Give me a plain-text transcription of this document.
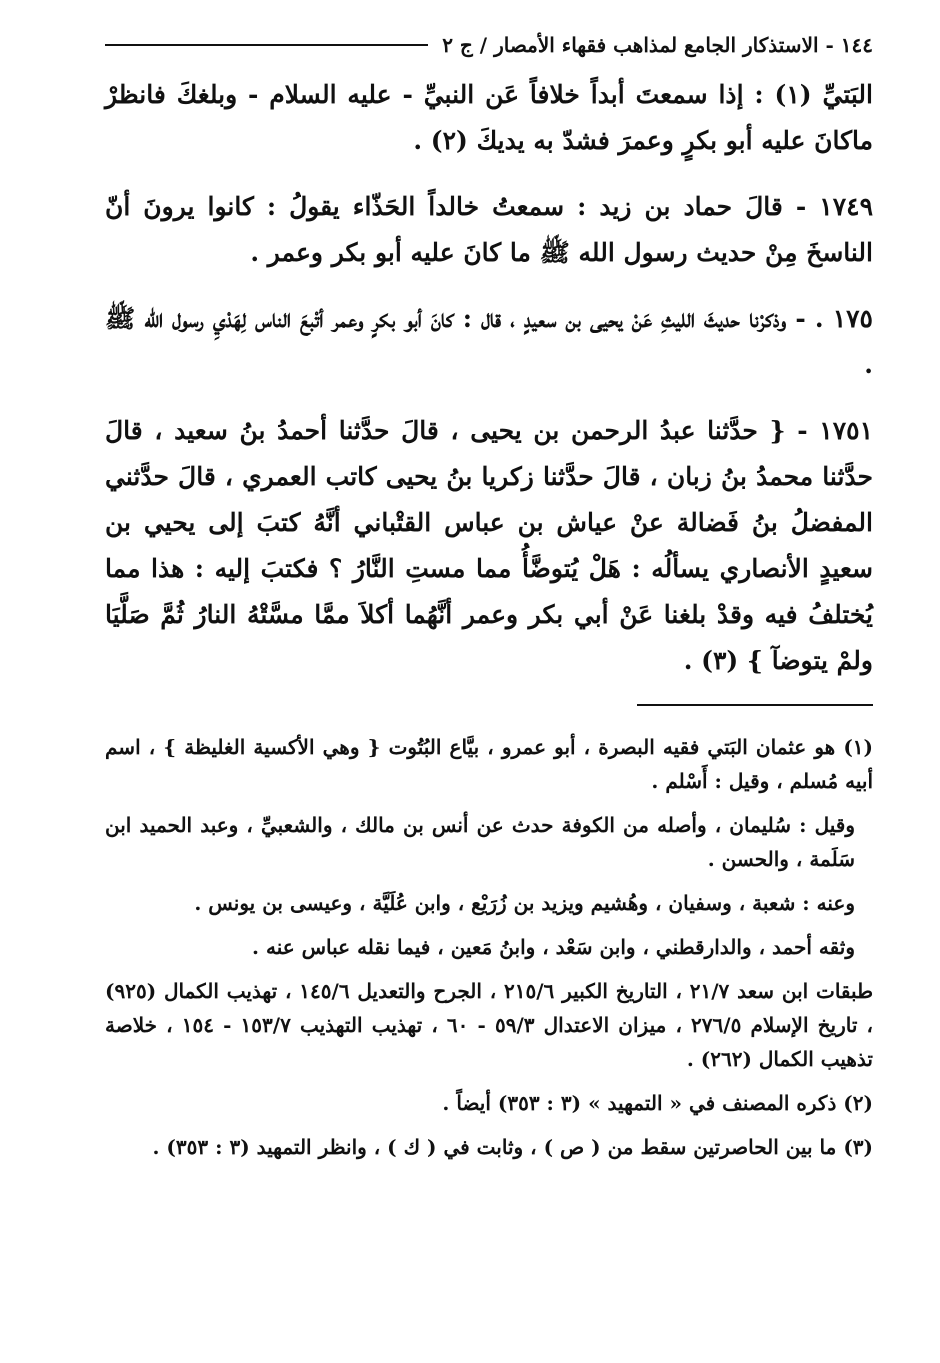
١٤٤ - الاستذكار الجامع لمذاهب فقهاء الأمصار / ج ٢

البَتيِّ (١) : إذا سمعتَ أبداً خلافاً عَن النبيِّ - عليه السلام - وبلغكَ فانظرْ ماكانَ عليه أبو بكرٍ وعمرَ فشدّ به يديكَ (٢) .

١٧٤٩ - قالَ حماد بن زيد : سمعتُ خالداً الحَذّاء يقولُ : كانوا يرونَ أنّ الناسخَ مِنْ حديث رسول الله ﷺ ما كانَ عليه أبو بكر وعمر .

١٧٥ . - وذكرْنا حديثَ الليثِ عَنْ يحيى بن سعيدٍ ، قال : كانَ أبو بكرٍ وعمر أتْبعَ الناس لِهَدْيِ رسول الله ﷺ .

١٧٥١ - { حدَّثنا عبدُ الرحمن بن يحيى ، قالَ حدَّثنا أحمدُ بنُ سعيد ، قالَ حدَّثنا محمدُ بنُ زبان ، قالَ حدَّثنا زكريا بنُ يحيى كاتب العمري ، قالَ حدَّثني المفضلُ بنُ فَضالة عنْ عياش بن عباس القتْباني أنَّهُ كتبَ إلى يحيي بن سعيدٍ الأنصاري يسألُه : هَلْ يُتوضَّأُ مما مستِ النَّارُ ؟ فكتبَ إليه : هذا مما يُختلفُ فيه وقدْ بلغنا عَنْ أبي بكر وعمر أنَّهُما أكلاَ ممَّا مسَّتْهُ النارُ ثُمَّ صَلَّيَا ولمْ يتوضآ } (٣) .

(١) هو عثمان البَتي فقيه البصرة ، أبو عمرو ، بيَّاع البُتُوت { وهي الأكسية الغليظة } ، اسم أبيه مُسلم ، وقيل : أَسْلم .

وقيل : سُليمان ، وأصله من الكوفة حدث عن أنس بن مالك ، والشعبيِّ ، وعبد الحميد ابن سَلَمة ، والحسن .

وعنه : شعبة ، وسفيان ، وهُشيم ويزيد بن زُرَيْع ، وابن عُلَيَّة ، وعيسى بن يونس .

وثقه أحمد ، والدارقطني ، وابن سَعْد ، وابنُ مَعين ، فيما نقله عباس عنه .

طبقات ابن سعد ٢١/٧ ، التاريخ الكبير ٢١٥/٦ ، الجرح والتعديل ١٤٥/٦ ، تهذيب الكمال (٩٢٥) ، تاريخ الإسلام ٢٧٦/٥ ، ميزان الاعتدال ٥٩/٣ - ٦٠ ، تهذيب التهذيب ١٥٣/٧ - ١٥٤ ، خلاصة تذهيب الكمال (٢٦٢) .

(٢) ذكره المصنف في « التمهيد » (٣ : ٣٥٣) أيضاً .

(٣) ما بين الحاصرتين سقط من ( ص ) ، وثابت في ( ك ) ، وانظر التمهيد (٣ : ٣٥٣) .
